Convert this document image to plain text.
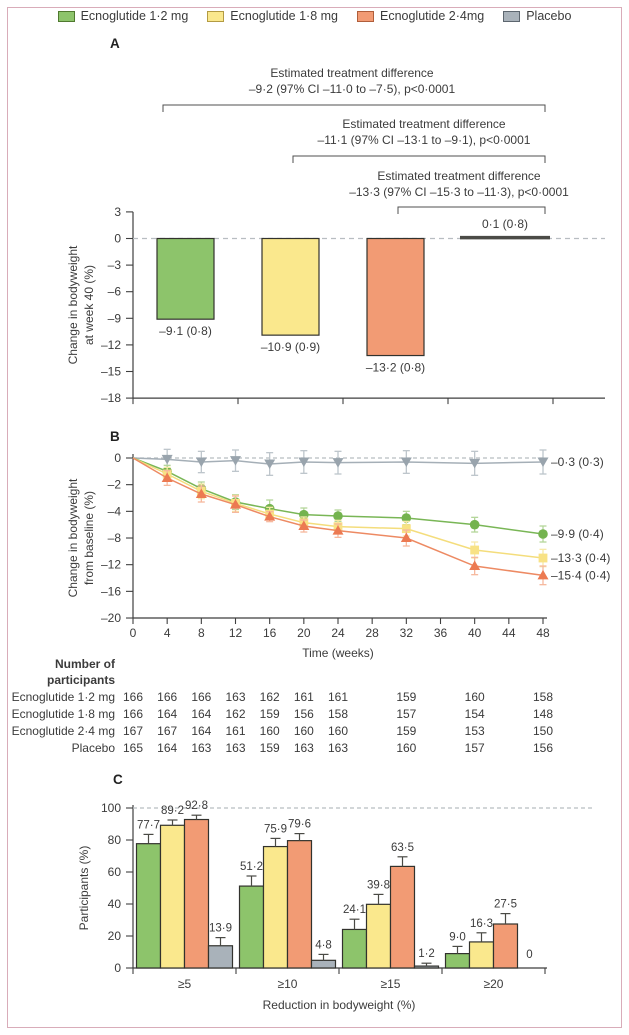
Ecnoglutide 1·2 mg	Ecnoglutide 1·8 mg	Ecnoglutide 2·4mg	Placebo
A
B
C
Estimated treatment difference
–9·2 (97% CI –11·0 to –7·5), p<0·0001
Estimated treatment difference
–11·1 (97% CI –13·1 to –9·1), p<0·0001
Estimated treatment difference
–13·3 (97% CI –15·3 to –11·3), p<0·0001
3
0
–3
–6
–9
–12
–15
–18
Change in bodyweight at week 40 (%)	–9·1 (0·8)
–10·9 (0·9)
–13·2 (0·8)
0·1 (0·8)
0
–2
–4
–8
–12
–16
–20
0 4 8 12 16 20 24 28 32 36 40 44 48
Time (weeks)
Change in bodyweight from baseline (%)
–0·3 (0·3)
–9·9 (0·4)
–13·3 (0·4)
–15·4 (0·4)
Number of
participants
Ecnoglutide 1·2 mg 166 166 166 163 162 161 161	159	160	158
Ecnoglutide 1·8 mg 166 164 164 162 159 156 158	157	154	148
Ecnoglutide 2·4 mg 167 167 164 161 160 160 160	159	153	150
Placebo 165 164 163 163 159 163 163	160	157	156
0
20
40
60
80
100
Participants (%)
77·7
89·2 92·8
13·9
≥5
51·2
75·9 79·6
4·8
≥10
24·1
39·8
63·5
1·2
≥15
9·0
16·3
27·5
0
≥20
Reduction in bodyweight (%)
